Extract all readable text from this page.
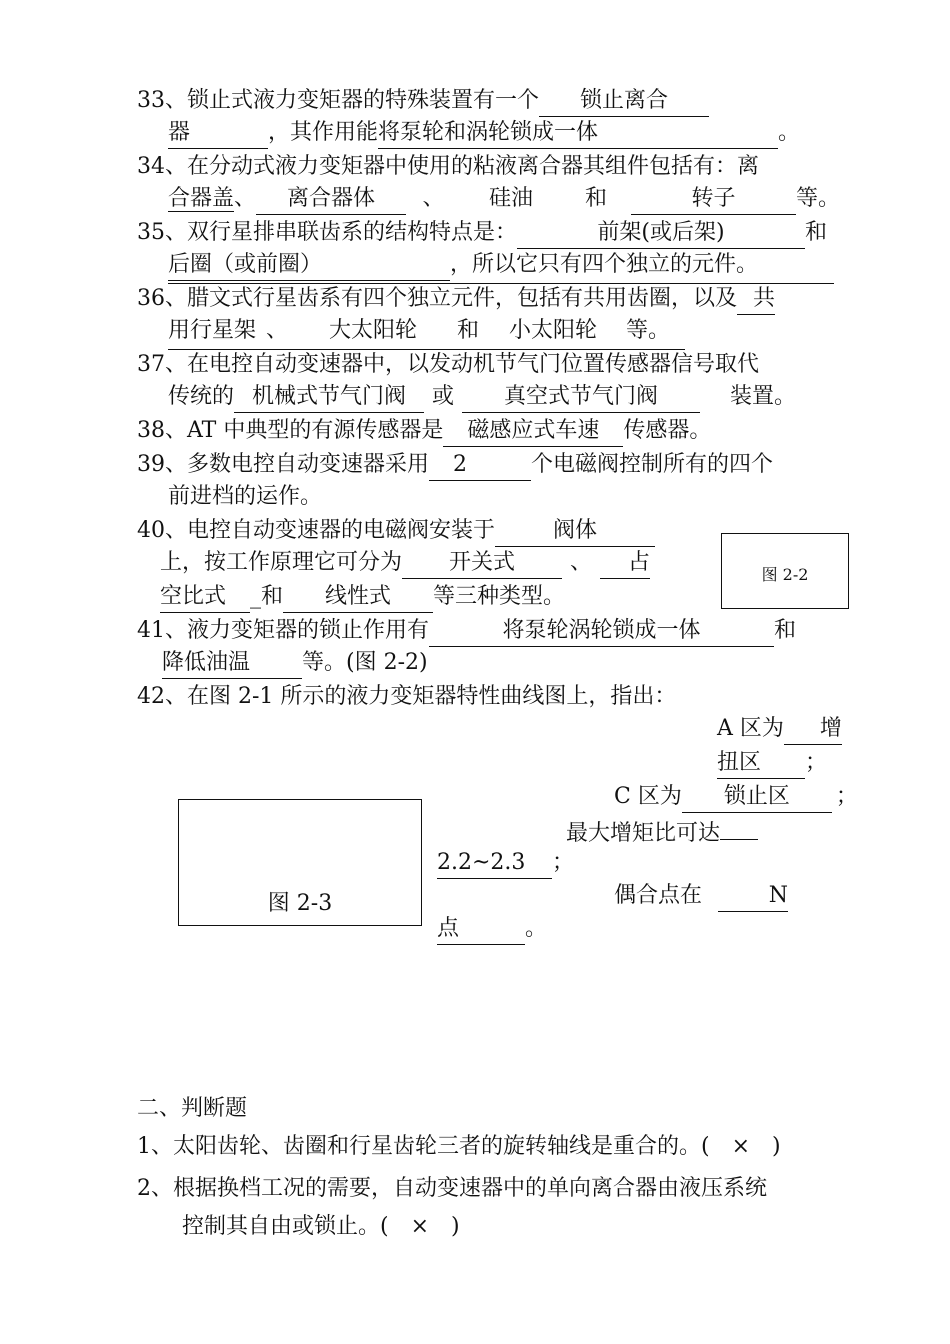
33、锁止式液力变矩器的特殊装置有一个 锁止离合
器	，其作用能将泵轮和涡轮锁成一体	。
34、在分动式液力变矩器中使用的粘液离合器其组件包括有：离
合器盖、 离合器体 、 硅油 和	转子	等。
35、双行星排串联齿系的结构特点是：	前架(或后架)	和
后圈（或前圈）	，所以它只有四个独立的元件。
36、腊文式行星齿系有四个独立元件，包括有共用齿圈，以及 共
用行星架 、 大太阳轮 和 小太阳轮 等。
37、在电控自动变速器中，以发动机节气门位置传感器信号取代
传统的 机械式节气门阀 或 真空式节气门阀	装置。
38、AT 中典型的有源传感器是 磁感应式车速 传感器。
39、多数电控自动变速器采用 2	个电磁阀控制所有的四个
前进档的运作。
40、电控自动变速器的电磁阀安装于	阀体
上，按工作原理它可分为 开关式 、 占
空比式 _和 线性式 等三种类型。
图 2-2
41、液力变矩器的锁止作用有	将泵轮涡轮锁成一体	和
降低油温 等。(图 2-2)
42、在图 2-1 所示的液力变矩器特性曲线图上，指出：
A 区为 增
扭区 ；
C 区为 锁止区 ；
最大增矩比可达
2.2~2.3 ；
偶合点在	N
点	。
图 2-3
二、判断题
1、太阳齿轮、齿圈和行星齿轮三者的旋转轴线是重合的。(　×　)
2、根据换档工况的需要，自动变速器中的单向离合器由液压系统
控制其自由或锁止。(　×　)
